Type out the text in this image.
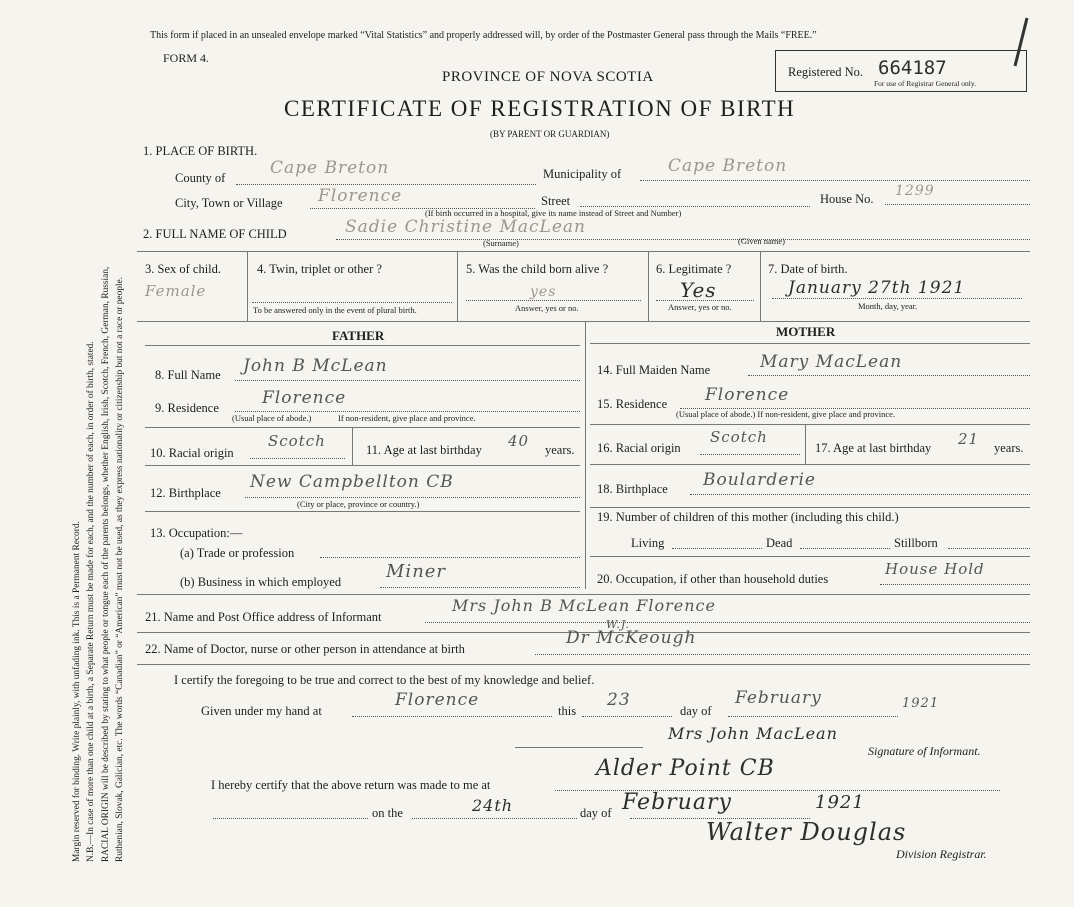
Margin reserved for binding. Write plainly, with unfading ink. This is a Permanent Record. N.B.—In case of more than one child at a birth, a Separate Return must be made for each, and the number of each, in order of birth, stated. RACIAL ORIGIN will be described by stating to what people or tongue each of the parents belongs, whether English, Irish, Scotch, French, German, Russian, Ruthenian, Slovak, Galician, etc. The words “Canadian” or “American” must not be used, as they express nationality or citizenship but not a race or people.
This form if placed in an unsealed envelope marked “Vital Statistics” and properly addressed will, by order of the Postmaster General pass through the Mails “FREE.”
FORM 4.
PROVINCE OF NOVA SCOTIA
CERTIFICATE OF REGISTRATION OF BIRTH
(BY PARENT OR GUARDIAN)
Registered No. 664187
For use of Registrar General only.
1. PLACE OF BIRTH.
County of	Cape Breton	Municipality of	Cape Breton
City, Town or Village Florence	Street	House No. 1299
(If birth occurred in a hospital, give its name instead of Street and Number)
2. FULL NAME OF CHILD	Sadie Christine MacLean
(Surname)	(Given name)
3. Sex of child.
Female
4. Twin, triplet or other ?
To be answered only in the event of plural birth.
5. Was the child born alive ?
yes
Answer, yes or no.
6. Legitimate ?
Yes
Answer, yes or no.
7. Date of birth.
January 27th 1921
Month, day, year.
FATHER	MOTHER
8. Full Name John B McLean
9. Residence	Florence
(Usual place of abode.)	If non-resident, give place and province.
10. Racial origin
Scotch	11. Age at last birthday 40 years.
12. Birthplace
New Campbellton CB
(City or place, province or country.)
13. Occupation:—
(a) Trade or profession
(b) Business in which employed Miner
14. Full Maiden Name	Mary MacLean
15. Residence Florence
(Usual place of abode.) If non-resident, give place and province.
16. Racial origin
Scotch
17. Age at last birthday 21 years.
18. Birthplace Boularderie
19. Number of children of this mother (including this child.)
Living	Dead	Stillborn
20. Occupation, if other than household duties
House Hold
21. Name and Post Office address of Informant
Mrs John B McLean Florence
22. Name of Doctor, nurse or other person in attendance at birth
Dr McKeough
W.J.
I certify the foregoing to be true and correct to the best of my knowledge and belief.
Given under my hand at
Florence
this
23
day of
February	1921
Mrs John MacLean
Signature of Informant.
I hereby certify that the above return was made to me at
Alder Point CB
on the	24th	day of February	1921
Walter Douglas
Division Registrar.
